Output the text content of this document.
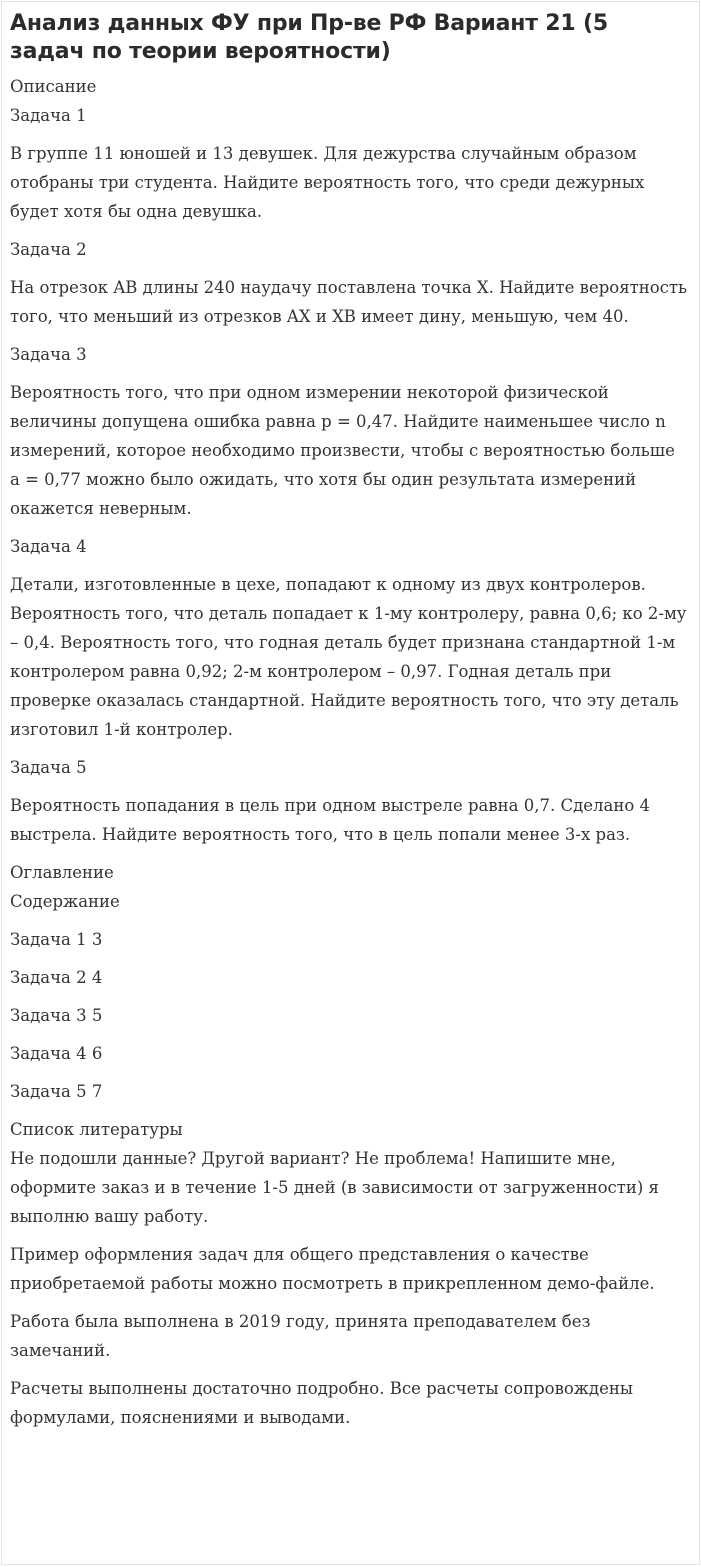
Анализ данных ФУ при Пр-ве РФ Вариант 21 (5 задач по теории вероятности)

Описание

Задача 1

В группе 11 юношей и 13 девушек. Для дежурства случайным образом отобраны три студента. Найдите вероятность того, что среди дежурных будет хотя бы одна девушка.

Задача 2

На отрезок AB длины 240 наудачу поставлена точка X. Найдите вероятность того, что меньший из отрезков AX и XB имеет дину, меньшую, чем 40.

Задача 3

Вероятность того, что при одном измерении некоторой физической величины допущена ошибка равна p = 0,47. Найдите наименьшее число n измерений, которое необходимо произвести, чтобы с вероятностью больше a = 0,77 можно было ожидать, что хотя бы один результата измерений окажется неверным.

Задача 4

Детали, изготовленные в цехе, попадают к одному из двух контролеров. Вероятность того, что деталь попадает к 1-му контролеру, равна 0,6; ко 2-му – 0,4. Вероятность того, что годная деталь будет признана стандартной 1-м контролером равна 0,92; 2-м контролером – 0,97. Годная деталь при проверке оказалась стандартной. Найдите вероятность того, что эту деталь изготовил 1-й контролер.

Задача 5

Вероятность попадания в цель при одном выстреле равна 0,7. Сделано 4 выстрела. Найдите вероятность того, что в цель попали менее 3-х раз.

Оглавление

Содержание

Задача 1 3

Задача 2 4

Задача 3 5

Задача 4 6

Задача 5 7

Список литературы

Не подошли данные? Другой вариант? Не проблема! Напишите мне, оформите заказ и в течение 1-5 дней (в зависимости от загруженности) я выполню вашу работу.

Пример оформления задач для общего представления о качестве приобретаемой работы можно посмотреть в прикрепленном демо-файле.

Работа была выполнена в 2019 году, принята преподавателем без замечаний.

Расчеты выполнены достаточно подробно. Все расчеты сопровождены формулами, пояснениями и выводами.
